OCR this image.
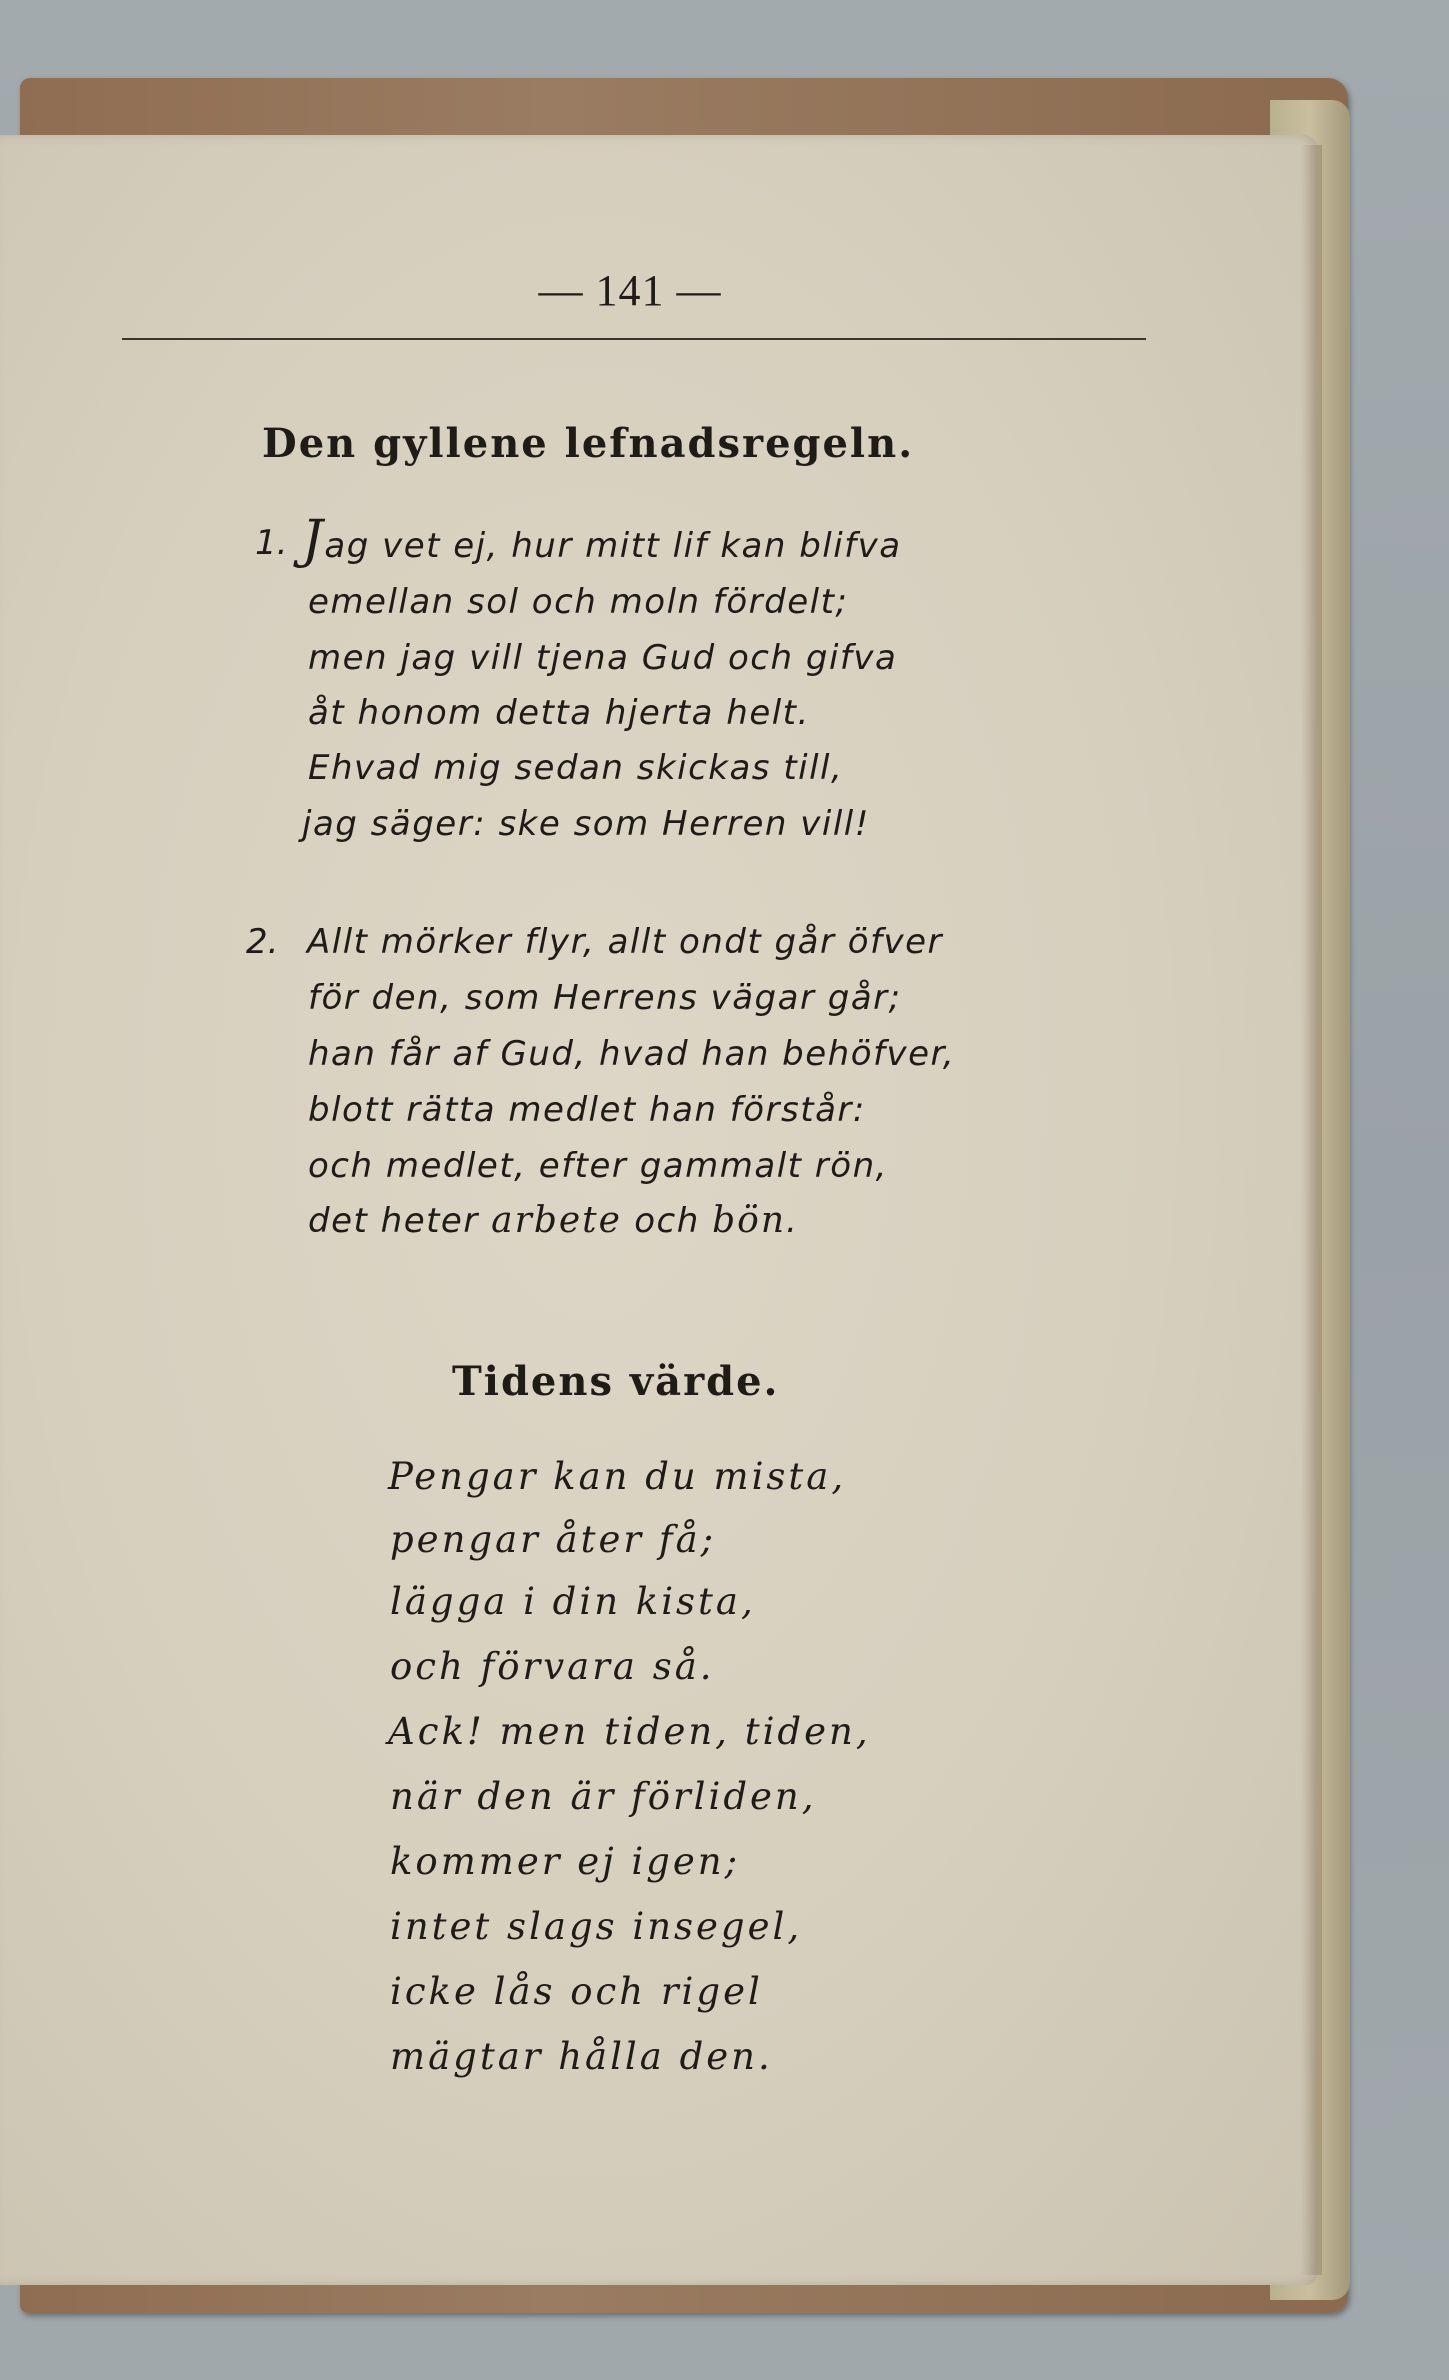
— 141 —
Den gyllene lefnadsregeln.
1. Jag vet ej, hur mitt lif kan blifva
emellan sol och moln fördelt;
men jag vill tjena Gud och gifva
åt honom detta hjerta helt.
Ehvad mig sedan skickas till,
jag säger: ske som Herren vill!
2. Allt mörker flyr, allt ondt går öfver
för den, som Herrens vägar går;
han får af Gud, hvad han behöfver,
blott rätta medlet han förstår:
och medlet, efter gammalt rön,
det heter arbete och bön.
Tidens värde.
Pengar kan du mista,
pengar åter få;
lägga i din kista,
och förvara så.
Ack! men tiden, tiden,
när den är förliden,
kommer ej igen;
intet slags insegel,
icke lås och rigel
mägtar hålla den.
